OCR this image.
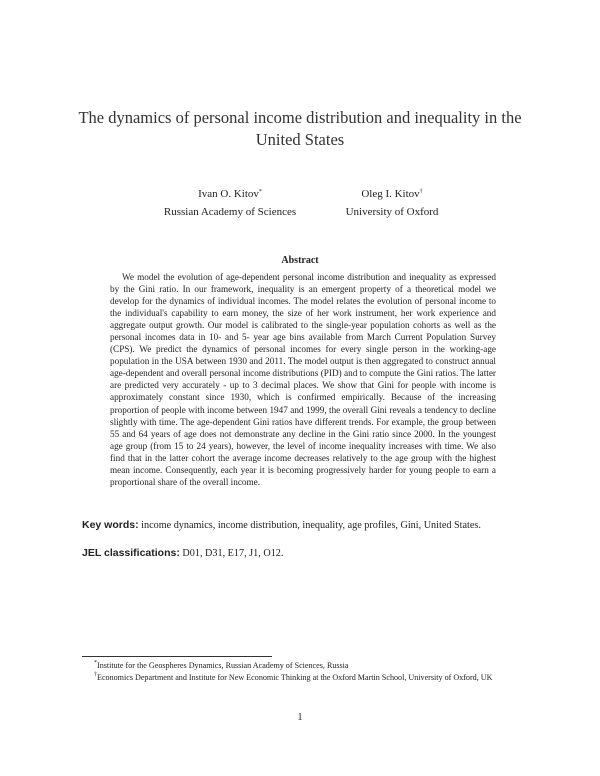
The dynamics of personal income distribution and inequality in the United States
Ivan O. Kitov*
Russian Academy of Sciences
Oleg I. Kitov†
University of Oxford
Abstract
We model the evolution of age-dependent personal income distribution and inequality as expressed by the Gini ratio. In our framework, inequality is an emergent property of a theoretical model we develop for the dynamics of individual incomes. The model relates the evolution of personal income to the individual's capability to earn money, the size of her work instrument, her work experience and aggregate output growth. Our model is calibrated to the single-year population cohorts as well as the personal incomes data in 10- and 5- year age bins available from March Current Population Survey (CPS). We predict the dynamics of personal incomes for every single person in the working-age population in the USA between 1930 and 2011. The model output is then aggregated to construct annual age-dependent and overall personal income distributions (PID) and to compute the Gini ratios. The latter are predicted very accurately - up to 3 decimal places. We show that Gini for people with income is approximately constant since 1930, which is confirmed empirically. Because of the increasing proportion of people with income between 1947 and 1999, the overall Gini reveals a tendency to decline slightly with time. The age-dependent Gini ratios have different trends. For example, the group between 55 and 64 years of age does not demonstrate any decline in the Gini ratio since 2000. In the youngest age group (from 15 to 24 years), however, the level of income inequality increases with time. We also find that in the latter cohort the average income decreases relatively to the age group with the highest mean income. Consequently, each year it is becoming progressively harder for young people to earn a proportional share of the overall income.
Key words: income dynamics, income distribution, inequality, age profiles, Gini, United States.
JEL classifications: D01, D31, E17, J1, O12.

*Institute for the Geospheres Dynamics, Russian Academy of Sciences, Russia

†Economics Department and Institute for New Economic Thinking at the Oxford Martin School, University of Oxford, UK

1
